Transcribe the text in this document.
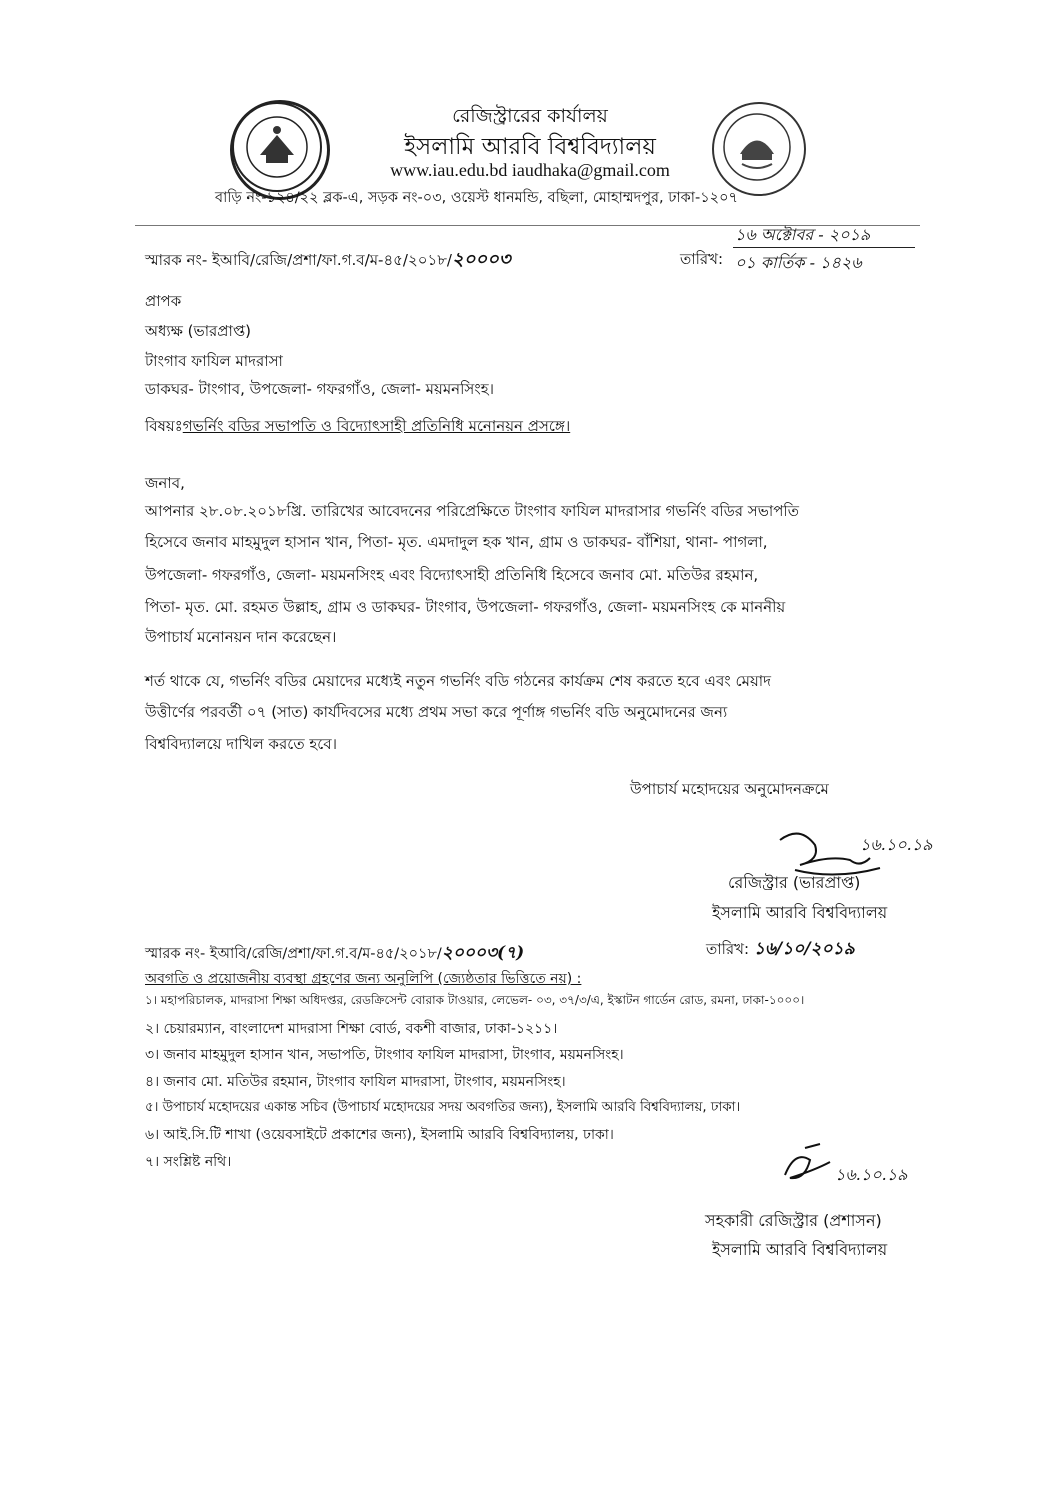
রেজিস্ট্রারের কার্যালয়
ইসলামি আরবি বিশ্ববিদ্যালয়
www.iau.edu.bd iaudhaka@gmail.com
বাড়ি নং-১২৪/২২ ব্লক-এ, সড়ক নং-০৩, ওয়েস্ট ধানমন্ডি, বছিলা, মোহাম্মদপুর, ঢাকা-১২০৭
স্মারক নং- ইআবি/রেজি/প্রশা/ফা.গ.ব/ম-৪৫/২০১৮/২০০০৩	তারিখ:
১৬ অক্টোবর - ২০১৯
০১ কার্তিক - ১৪২৬
প্রাপক
অধ্যক্ষ (ভারপ্রাপ্ত)
টাংগাব ফাযিল মাদরাসা
ডাকঘর- টাংগাব, উপজেলা- গফরগাঁও, জেলা- ময়মনসিংহ।
বিষয়ঃগভর্নিং বডির সভাপতি ও বিদ্যোৎসাহী প্রতিনিধি মনোনয়ন প্রসঙ্গে।
জনাব,
আপনার ২৮.০৮.২০১৮খ্রি. তারিখের আবেদনের পরিপ্রেক্ষিতে টাংগাব ফাযিল মাদরাসার গভর্নিং বডির সভাপতি
হিসেবে জনাব মাহমুদুল হাসান খান, পিতা- মৃত. এমদাদুল হক খান, গ্রাম ও ডাকঘর- বাঁশিয়া, থানা- পাগলা,
উপজেলা- গফরগাঁও, জেলা- ময়মনসিংহ এবং বিদ্যোৎসাহী প্রতিনিধি হিসেবে জনাব মো. মতিউর রহমান,
পিতা- মৃত. মো. রহমত উল্লাহ, গ্রাম ও ডাকঘর- টাংগাব, উপজেলা- গফরগাঁও, জেলা- ময়মনসিংহ কে মাননীয়
উপাচার্য মনোনয়ন দান করেছেন।
শর্ত থাকে যে, গভর্নিং বডির মেয়াদের মধ্যেই নতুন গভর্নিং বডি গঠনের কার্যক্রম শেষ করতে হবে এবং মেয়াদ
উত্তীর্ণের পরবর্তী ০৭ (সাত) কার্যদিবসের মধ্যে প্রথম সভা করে পূর্ণাঙ্গ গভর্নিং বডি অনুমোদনের জন্য
বিশ্ববিদ্যালয়ে দাখিল করতে হবে।
উপাচার্য মহোদয়ের অনুমোদনক্রমে
১৬.১০.১৯
রেজিস্ট্রার (ভারপ্রাপ্ত)
ইসলামি আরবি বিশ্ববিদ্যালয়
স্মারক নং- ইআবি/রেজি/প্রশা/ফা.গ.ব/ম-৪৫/২০১৮/২০০০৩(৭)	তারিখ: ১৬/১০/২০১৯
অবগতি ও প্রয়োজনীয় ব্যবস্থা গ্রহণের জন্য অনুলিপি (জ্যেষ্ঠতার ভিত্তিতে নয়) :
১। মহাপরিচালক, মাদরাসা শিক্ষা অধিদপ্তর, রেডক্রিসেন্ট বোরাক টাওয়ার, লেভেল- ০৩, ৩৭/৩/এ, ইস্কাটন গার্ডেন রোড, রমনা, ঢাকা-১০০০।
২। চেয়ারম্যান, বাংলাদেশ মাদরাসা শিক্ষা বোর্ড, বকশী বাজার, ঢাকা-১২১১।
৩। জনাব মাহমুদুল হাসান খান, সভাপতি, টাংগাব ফাযিল মাদরাসা, টাংগাব, ময়মনসিংহ।
৪। জনাব মো. মতিউর রহমান, টাংগাব ফাযিল মাদরাসা, টাংগাব, ময়মনসিংহ।
৫। উপাচার্য মহোদয়ের একান্ত সচিব (উপাচার্য মহোদয়ের সদয় অবগতির জন্য), ইসলামি আরবি বিশ্ববিদ্যালয়, ঢাকা।
৬। আই.সি.টি শাখা (ওয়েবসাইটে প্রকাশের জন্য), ইসলামি আরবি বিশ্ববিদ্যালয়, ঢাকা।
৭। সংশ্লিষ্ট নথি।
১৬.১০.১৯
সহকারী রেজিস্ট্রার (প্রশাসন)
ইসলামি আরবি বিশ্ববিদ্যালয়
